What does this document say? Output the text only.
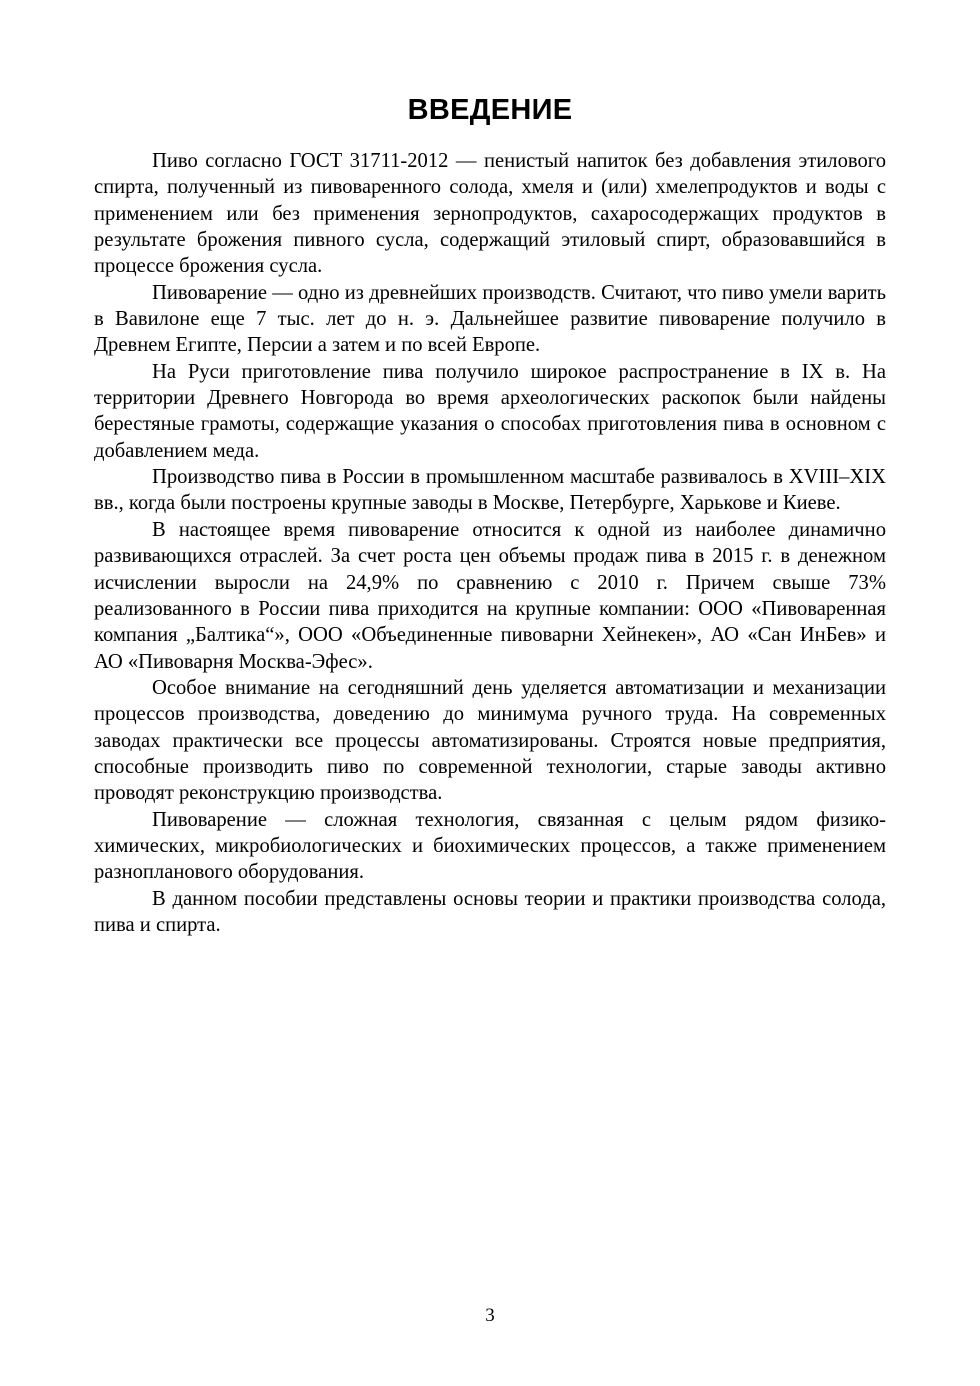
ВВЕДЕНИЕ

Пиво согласно ГОСТ 31711-2012 — пенистый напиток без добавления этилового спирта, полученный из пивоваренного солода, хмеля и (или) хмелепродуктов и воды с применением или без применения зернопродуктов, сахаросодержащих продуктов в результате брожения пивного сусла, содержащий этиловый спирт, образовавшийся в процессе брожения сусла.

Пивоварение — одно из древнейших производств. Считают, что пиво умели варить в Вавилоне еще 7 тыс. лет до н. э. Дальнейшее развитие пивоварение получило в Древнем Египте, Персии а затем и по всей Европе.

На Руси приготовление пива получило широкое распространение в IX в. На территории Древнего Новгорода во время археологических раскопок были найдены берестяные грамоты, содержащие указания о способах приготовления пива в основном с добавлением меда.

Производство пива в России в промышленном масштабе развивалось в XVIII–XIX вв., когда были построены крупные заводы в Москве, Петербурге, Харькове и Киеве.

В настоящее время пивоварение относится к одной из наиболее динамично развивающихся отраслей. За счет роста цен объемы продаж пива в 2015 г. в денежном исчислении выросли на 24,9% по сравнению с 2010 г. Причем свыше 73% реализованного в России пива приходится на крупные компании: ООО «Пивоваренная компания „Балтика“», ООО «Объединенные пивоварни Хейнекен», АО «Сан ИнБев» и АО «Пивоварня Москва-Эфес».

Особое внимание на сегодняшний день уделяется автоматизации и механизации процессов производства, доведению до минимума ручного труда. На современных заводах практически все процессы автоматизированы. Строятся новые предприятия, способные производить пиво по современной технологии, старые заводы активно проводят реконструкцию производства.

Пивоварение — сложная технология, связанная с целым рядом физико-химических, микробиологических и биохимических процессов, а также применением разнопланового оборудования.

В данном пособии представлены основы теории и практики производства солода, пива и спирта.

3
